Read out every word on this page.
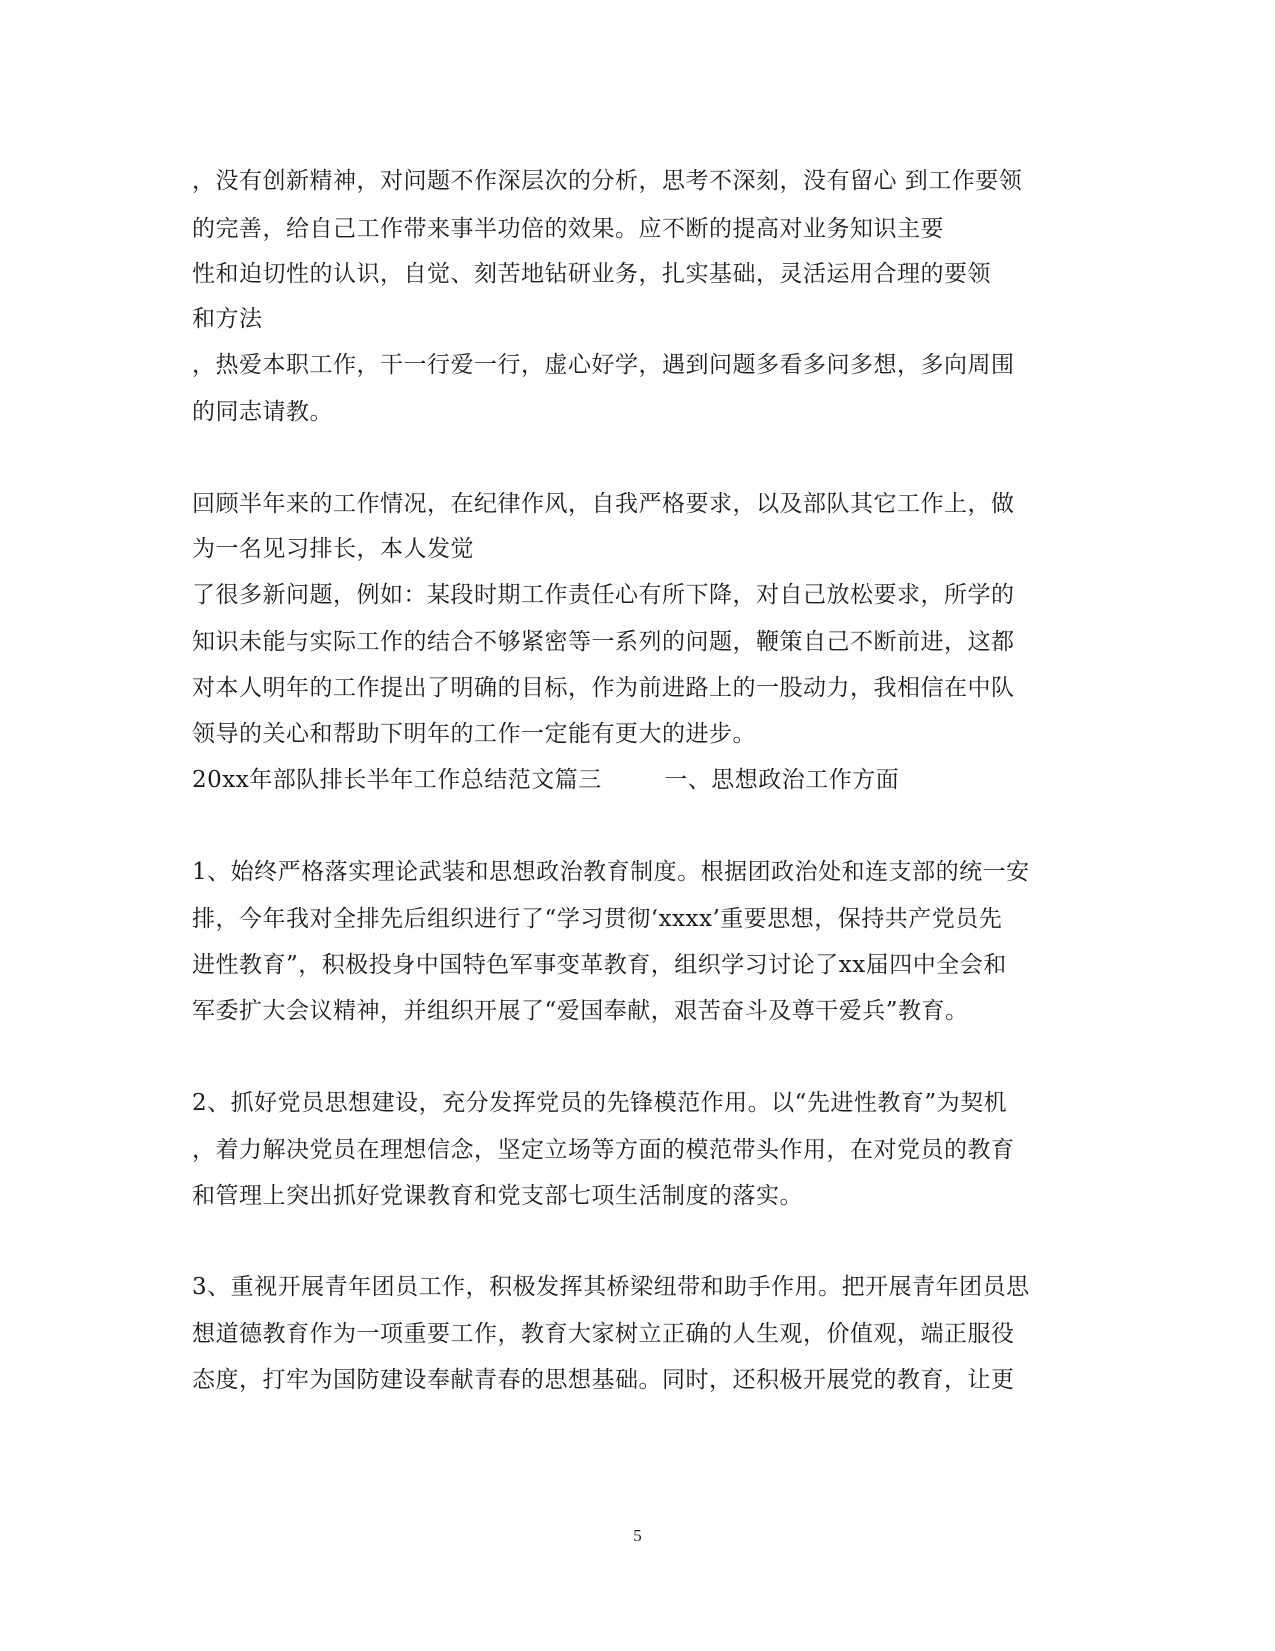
，没有创新精神，对问题不作深层次的分析，思考不深刻，没有留心 到工作要领
的完善，给自己工作带来事半功倍的效果。应不断的提高对业务知识主要
性和迫切性的认识，自觉、刻苦地钻研业务，扎实基础，灵活运用合理的要领
和方法
，热爱本职工作，干一行爱一行，虚心好学，遇到问题多看多问多想，多向周围
的同志请教。
回顾半年来的工作情况，在纪律作风，自我严格要求，以及部队其它工作上，做
为一名见习排长，本人发觉
了很多新问题，例如：某段时期工作责任心有所下降，对自己放松要求，所学的
知识未能与实际工作的结合不够紧密等一系列的问题，鞭策自己不断前进，这都
对本人明年的工作提出了明确的目标，作为前进路上的一股动力，我相信在中队
领导的关心和帮助下明年的工作一定能有更大的进步。
20xx年部队排长半年工作总结范文篇三        一、思想政治工作方面
1、始终严格落实理论武装和思想政治教育制度。根据团政治处和连支部的统一安
排，今年我对全排先后组织进行了“学习贯彻‘xxxx’重要思想，保持共产党员先
进性教育”，积极投身中国特色军事变革教育，组织学习讨论了xx届四中全会和
军委扩大会议精神，并组织开展了“爱国奉献，艰苦奋斗及尊干爱兵”教育。
2、抓好党员思想建设，充分发挥党员的先锋模范作用。以“先进性教育”为契机
，着力解决党员在理想信念，坚定立场等方面的模范带头作用，在对党员的教育
和管理上突出抓好党课教育和党支部七项生活制度的落实。
3、重视开展青年团员工作，积极发挥其桥梁纽带和助手作用。把开展青年团员思
想道德教育作为一项重要工作，教育大家树立正确的人生观，价值观，端正服役
态度，打牢为国防建设奉献青春的思想基础。同时，还积极开展党的教育，让更
5
